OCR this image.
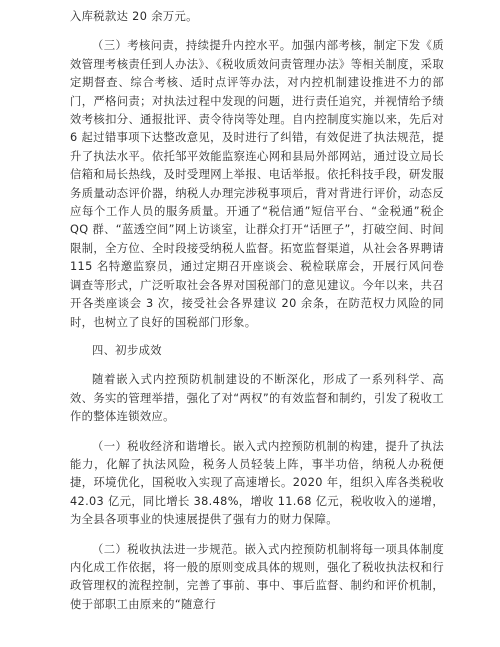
入库税款达 20 余万元。

（三）考核问责，持续提升内控水平。加强内部考核，制定下发《质效管理考核责任到人办法》、《税收质效问责管理办法》等相关制度，采取定期督查、综合考核、适时点评等办法，对内控机制建设推进不力的部门，严格问责；对执法过程中发现的问题，进行责任追究，并视情给予绩效考核扣分、通报批评、责令待岗等处理。自内控制度实施以来，先后对 6 起过错事项下达整改意见，及时进行了纠错，有效促进了执法规范，提升了执法水平。依托邹平效能监察连心网和县局外部网站，通过设立局长信箱和局长热线，及时受理网上举报、电话举报。依托科技手段，研发服务质量动态评价器，纳税人办理完涉税事项后，背对背进行评价，动态反应每个工作人员的服务质量。开通了“税信通”短信平台、“金税通”税企 QQ 群、“蓝透空间”网上访谈室，让群众打开“话匣子”，打破空间、时间限制，全方位、全时段接受纳税人监督。拓宽监督渠道，从社会各界聘请 115 名特邀监察员，通过定期召开座谈会、税检联席会，开展行风问卷调查等形式，广泛听取社会各界对国税部门的意见建议。今年以来，共召开各类座谈会 3 次，接受社会各界建议 20 余条，在防范权力风险的同时，也树立了良好的国税部门形象。

四、初步成效

随着嵌入式内控预防机制建设的不断深化，形成了一系列科学、高效、务实的管理举措，强化了对“两权”的有效监督和制约，引发了税收工作的整体连锁效应。

（一）税收经济和谐增长。嵌入式内控预防机制的构建，提升了执法能力，化解了执法风险，税务人员轻装上阵，事半功倍，纳税人办税便捷，环境优化，国税收入实现了高速增长。2020 年，组织入库各类税收 42.03 亿元，同比增长 38.48%，增收 11.68 亿元，税收收入的递增，为全县各项事业的快速展提供了强有力的财力保障。

（二）税收执法进一步规范。嵌入式内控预防机制将每一项具体制度内化成工作依据，将一般的原则变成具体的规则，强化了税收执法权和行政管理权的流程控制，完善了事前、事中、事后监督、制约和评价机制，使于部职工由原来的“随意行
